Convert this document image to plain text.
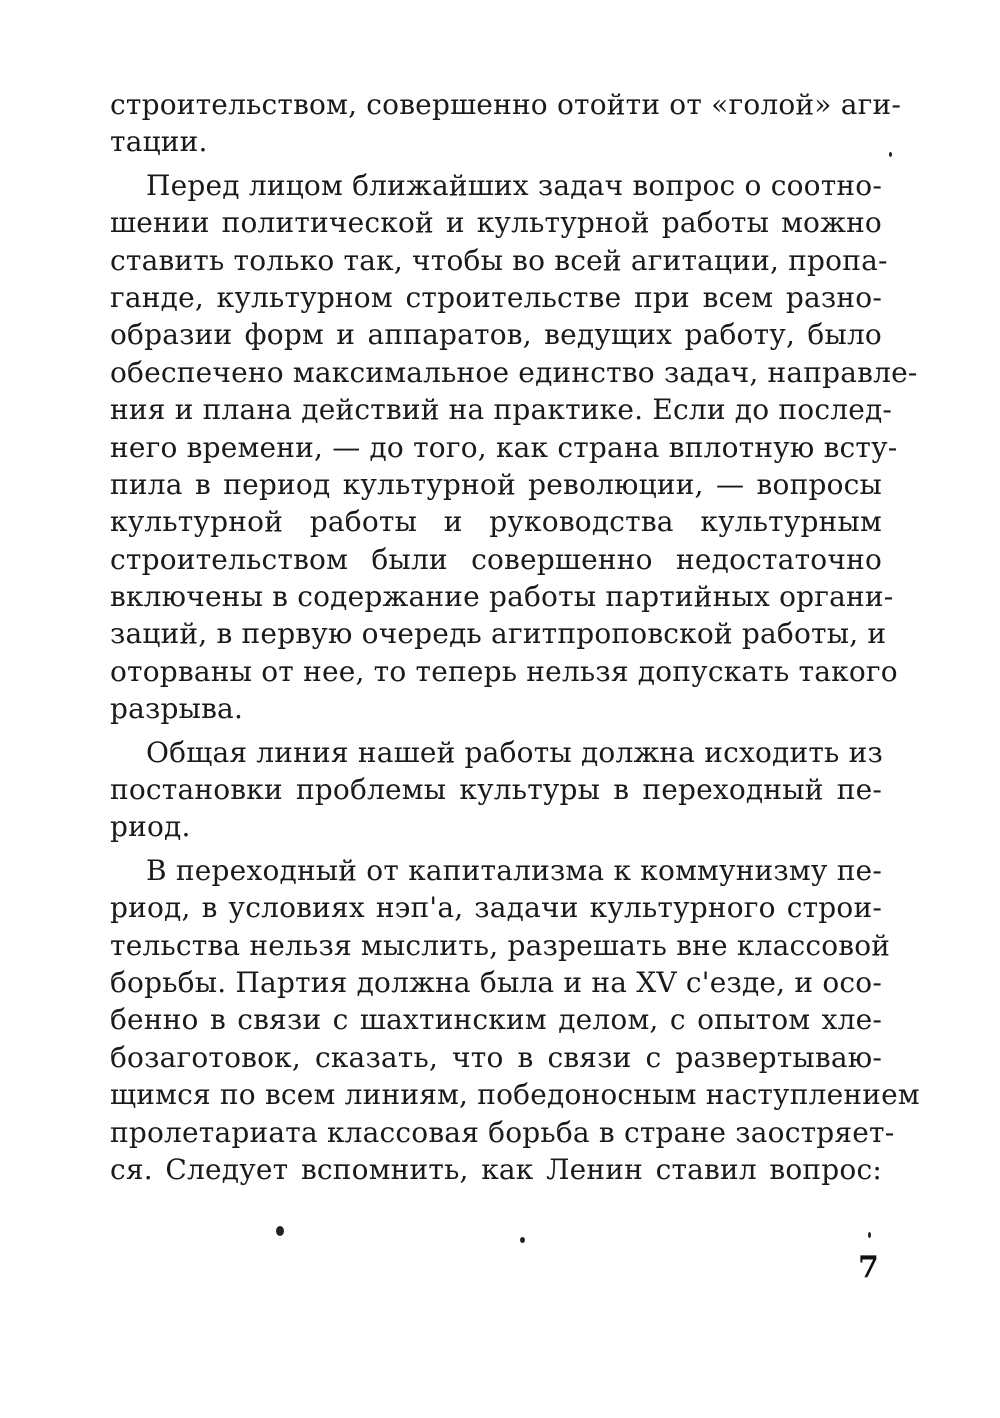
строительством, совершенно отойти от «голой» аги-
тации.
Перед лицом ближайших задач вопрос о соотно-
шении политической и культурной работы можно
ставить только так, чтобы во всей агитации, пропа-
ганде, культурном строительстве при всем разно-
образии форм и аппаратов, ведущих работу, было
обеспечено максимальное единство задач, направле-
ния и плана действий на практике. Если до послед-
него времени, — до того, как страна вплотную всту-
пила в период культурной революции, — вопросы
культурной работы и руководства культурным
строительством были совершенно недостаточно
включены в содержание работы партийных органи-
заций, в первую очередь агитпроповской работы, и
оторваны от нее, то теперь нельзя допускать такого
разрыва.
Общая линия нашей работы должна исходить из
постановки проблемы культуры в переходный пе-
риод.
В переходный от капитализма к коммунизму пе-
риод, в условиях нэп'а, задачи культурного строи-
тельства нельзя мыслить, разрешать вне классовой
борьбы. Партия должна была и на XV с'езде, и осо-
бенно в связи с шахтинским делом, с опытом хле-
бозаготовок, сказать, что в связи с развертываю-
щимся по всем линиям, победоносным наступлением
пролетариата классовая борьба в стране заостряет-
ся. Следует вспомнить, как Ленин ставил вопрос:
7
